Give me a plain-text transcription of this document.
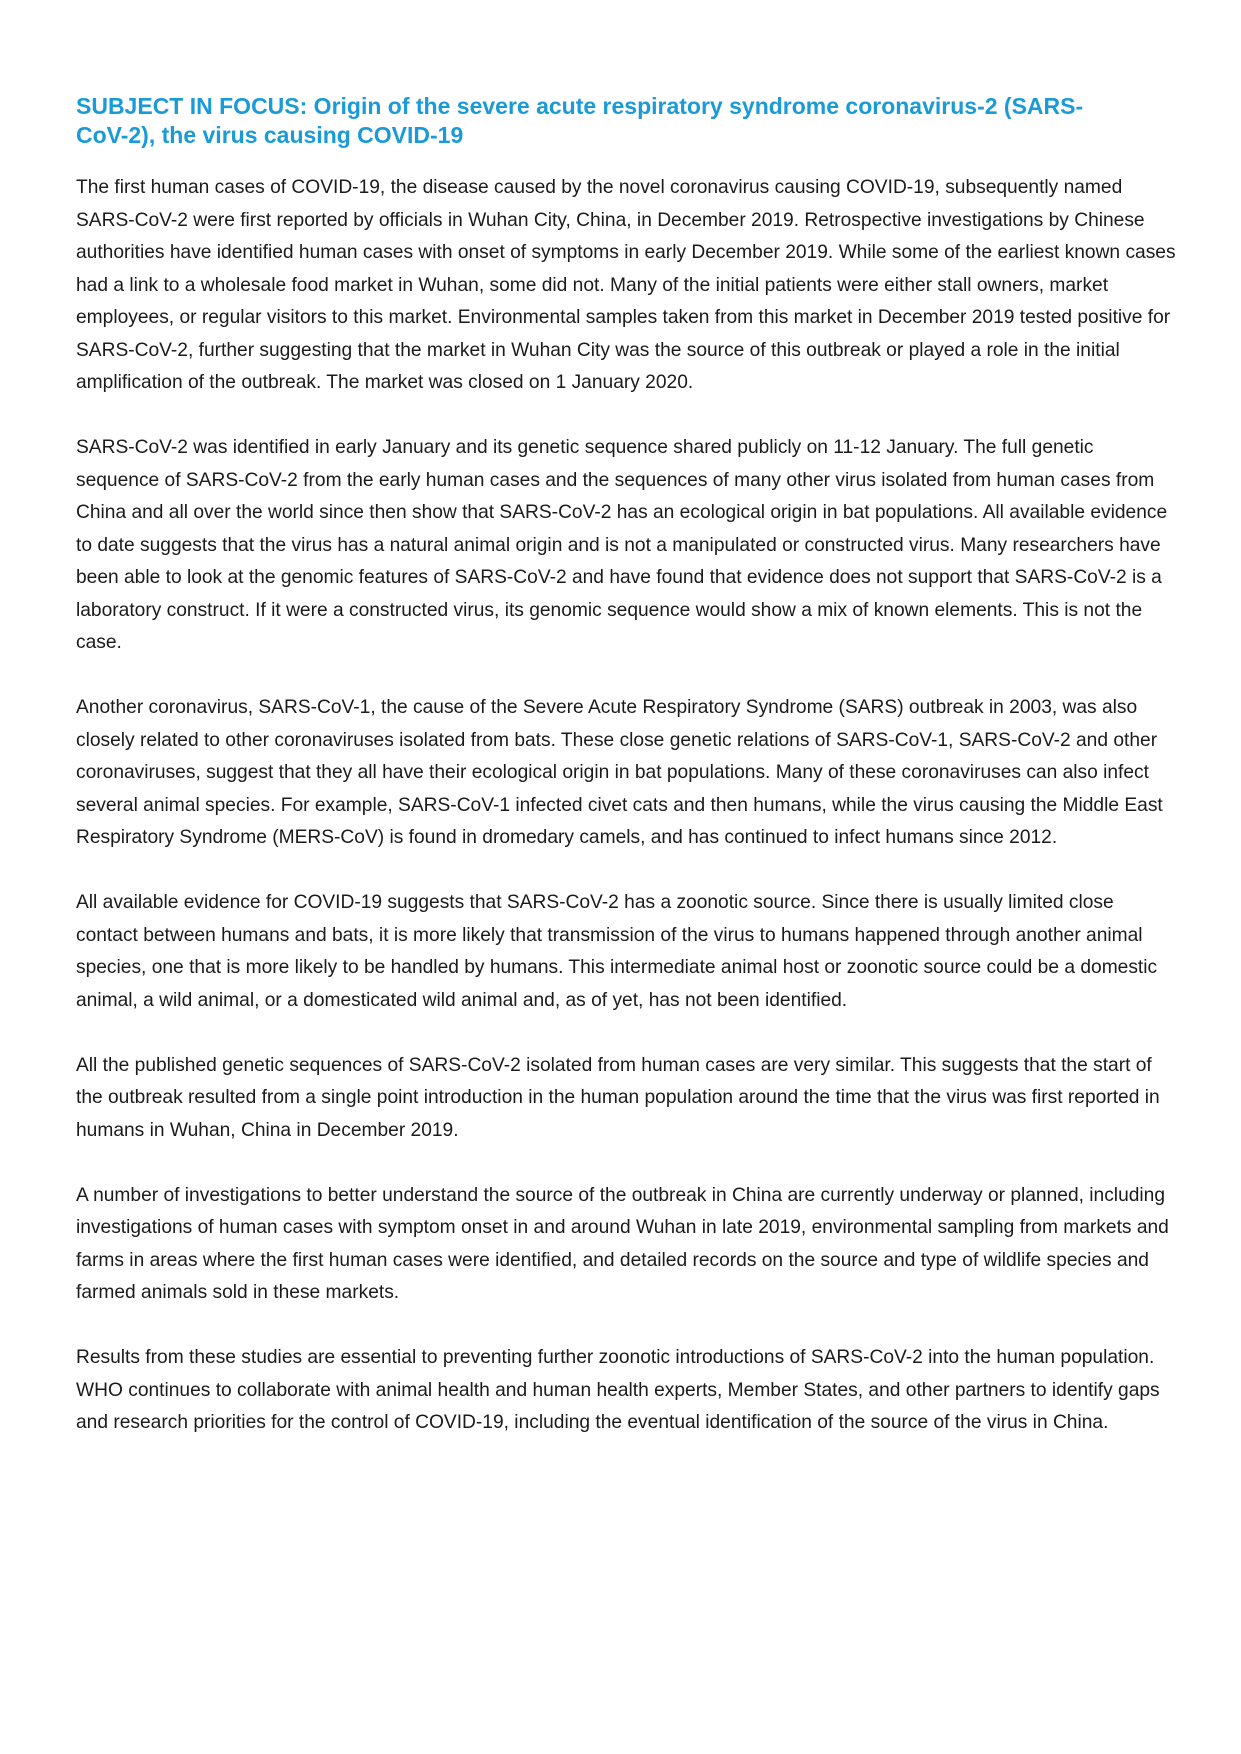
SUBJECT IN FOCUS: Origin of the severe acute respiratory syndrome coronavirus-2 (SARS-CoV-2), the virus causing COVID-19

The first human cases of COVID-19, the disease caused by the novel coronavirus causing COVID-19, subsequently named SARS-CoV-2 were first reported by officials in Wuhan City, China, in December 2019. Retrospective investigations by Chinese authorities have identified human cases with onset of symptoms in early December 2019. While some of the earliest known cases had a link to a wholesale food market in Wuhan, some did not. Many of the initial patients were either stall owners, market employees, or regular visitors to this market. Environmental samples taken from this market in December 2019 tested positive for SARS-CoV-2, further suggesting that the market in Wuhan City was the source of this outbreak or played a role in the initial amplification of the outbreak. The market was closed on 1 January 2020.

SARS-CoV-2 was identified in early January and its genetic sequence shared publicly on 11-12 January. The full genetic sequence of SARS-CoV-2 from the early human cases and the sequences of many other virus isolated from human cases from China and all over the world since then show that SARS-CoV-2 has an ecological origin in bat populations. All available evidence to date suggests that the virus has a natural animal origin and is not a manipulated or constructed virus. Many researchers have been able to look at the genomic features of SARS-CoV-2 and have found that evidence does not support that SARS-CoV-2 is a laboratory construct. If it were a constructed virus, its genomic sequence would show a mix of known elements. This is not the case.

Another coronavirus, SARS-CoV-1, the cause of the Severe Acute Respiratory Syndrome (SARS) outbreak in 2003, was also closely related to other coronaviruses isolated from bats. These close genetic relations of SARS-CoV-1, SARS-CoV-2 and other coronaviruses, suggest that they all have their ecological origin in bat populations. Many of these coronaviruses can also infect several animal species. For example, SARS-CoV-1 infected civet cats and then humans, while the virus causing the Middle East Respiratory Syndrome (MERS-CoV) is found in dromedary camels, and has continued to infect humans since 2012.

All available evidence for COVID-19 suggests that SARS-CoV-2 has a zoonotic source. Since there is usually limited close contact between humans and bats, it is more likely that transmission of the virus to humans happened through another animal species, one that is more likely to be handled by humans. This intermediate animal host or zoonotic source could be a domestic animal, a wild animal, or a domesticated wild animal and, as of yet, has not been identified.

All the published genetic sequences of SARS-CoV-2 isolated from human cases are very similar. This suggests that the start of the outbreak resulted from a single point introduction in the human population around the time that the virus was first reported in humans in Wuhan, China in December 2019.

A number of investigations to better understand the source of the outbreak in China are currently underway or planned, including investigations of human cases with symptom onset in and around Wuhan in late 2019, environmental sampling from markets and farms in areas where the first human cases were identified, and detailed records on the source and type of wildlife species and farmed animals sold in these markets.

Results from these studies are essential to preventing further zoonotic introductions of SARS-CoV-2 into the human population. WHO continues to collaborate with animal health and human health experts, Member States, and other partners to identify gaps and research priorities for the control of COVID-19, including the eventual identification of the source of the virus in China.
